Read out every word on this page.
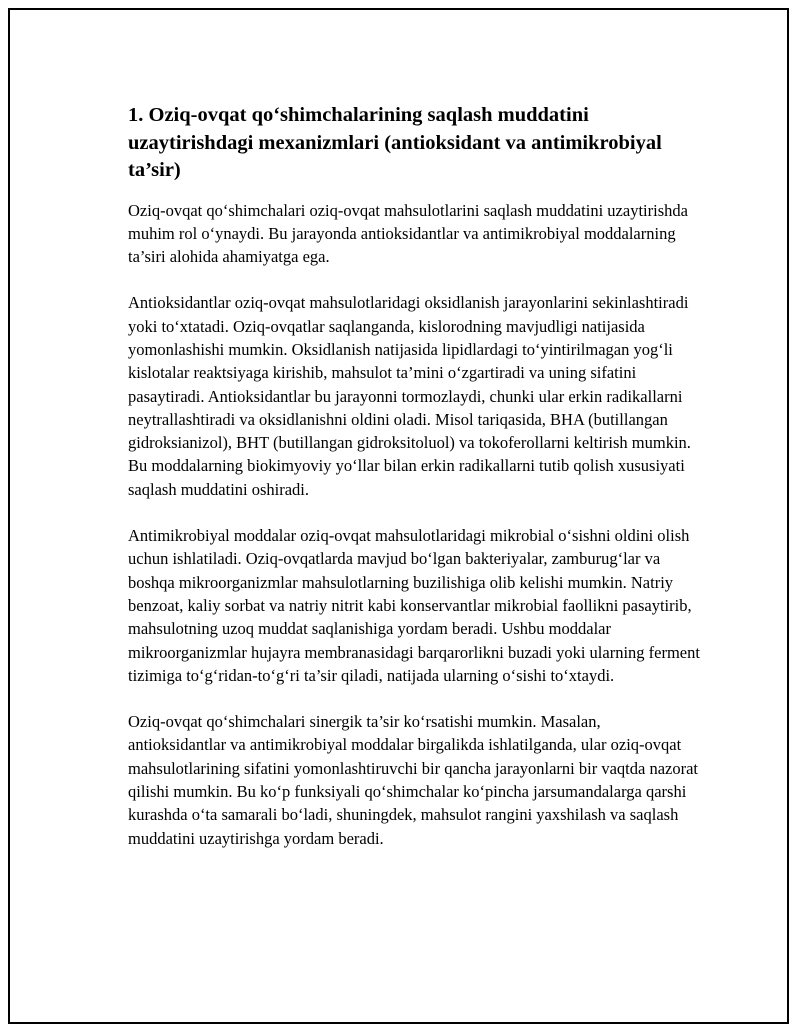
1. Oziq-ovqat qo‘shimchalarining saqlash muddatini uzaytirishdagi mexanizmlari (antioksidant va antimikrobiyal ta’sir)

Oziq-ovqat qo‘shimchalari oziq-ovqat mahsulotlarini saqlash muddatini uzaytirishda muhim rol o‘ynaydi. Bu jarayonda antioksidantlar va antimikrobiyal moddalarning ta’siri alohida ahamiyatga ega.

Antioksidantlar oziq-ovqat mahsulotlaridagi oksidlanish jarayonlarini sekinlashtiradi yoki to‘xtatadi. Oziq-ovqatlar saqlanganda, kislorodning mavjudligi natijasida yomonlashishi mumkin. Oksidlanish natijasida lipidlardagi to‘yintirilmagan yog‘li kislotalar reaktsiyaga kirishib, mahsulot ta’mini o‘zgartiradi va uning sifatini pasaytiradi. Antioksidantlar bu jarayonni tormozlaydi, chunki ular erkin radikallarni neytrallashtiradi va oksidlanishni oldini oladi. Misol tariqasida, BHA (butillangan gidroksianizol), BHT (butillangan gidroksitoluol) va tokoferollarni keltirish mumkin. Bu moddalarning biokimyoviy yo‘llar bilan erkin radikallarni tutib qolish xususiyati saqlash muddatini oshiradi.

Antimikrobiyal moddalar oziq-ovqat mahsulotlaridagi mikrobial o‘sishni oldini olish uchun ishlatiladi. Oziq-ovqatlarda mavjud bo‘lgan bakteriyalar, zamburug‘lar va boshqa mikroorganizmlar mahsulotlarning buzilishiga olib kelishi mumkin. Natriy benzoat, kaliy sorbat va natriy nitrit kabi konservantlar mikrobial faollikni pasaytirib, mahsulotning uzoq muddat saqlanishiga yordam beradi. Ushbu moddalar mikroorganizmlar hujayra membranasidagi barqarorlikni buzadi yoki ularning ferment tizimiga to‘g‘ridan-to‘g‘ri ta’sir qiladi, natijada ularning o‘sishi to‘xtaydi.

Oziq-ovqat qo‘shimchalari sinergik ta’sir ko‘rsatishi mumkin. Masalan, antioksidantlar va antimikrobiyal moddalar birgalikda ishlatilganda, ular oziq-ovqat mahsulotlarining sifatini yomonlashtiruvchi bir qancha jarayonlarni bir vaqtda nazorat qilishi mumkin. Bu ko‘p funksiyali qo‘shimchalar ko‘pincha jarsumandalarga qarshi kurashda o‘ta samarali bo‘ladi, shuningdek, mahsulot rangini yaxshilash va saqlash muddatini uzaytirishga yordam beradi.
